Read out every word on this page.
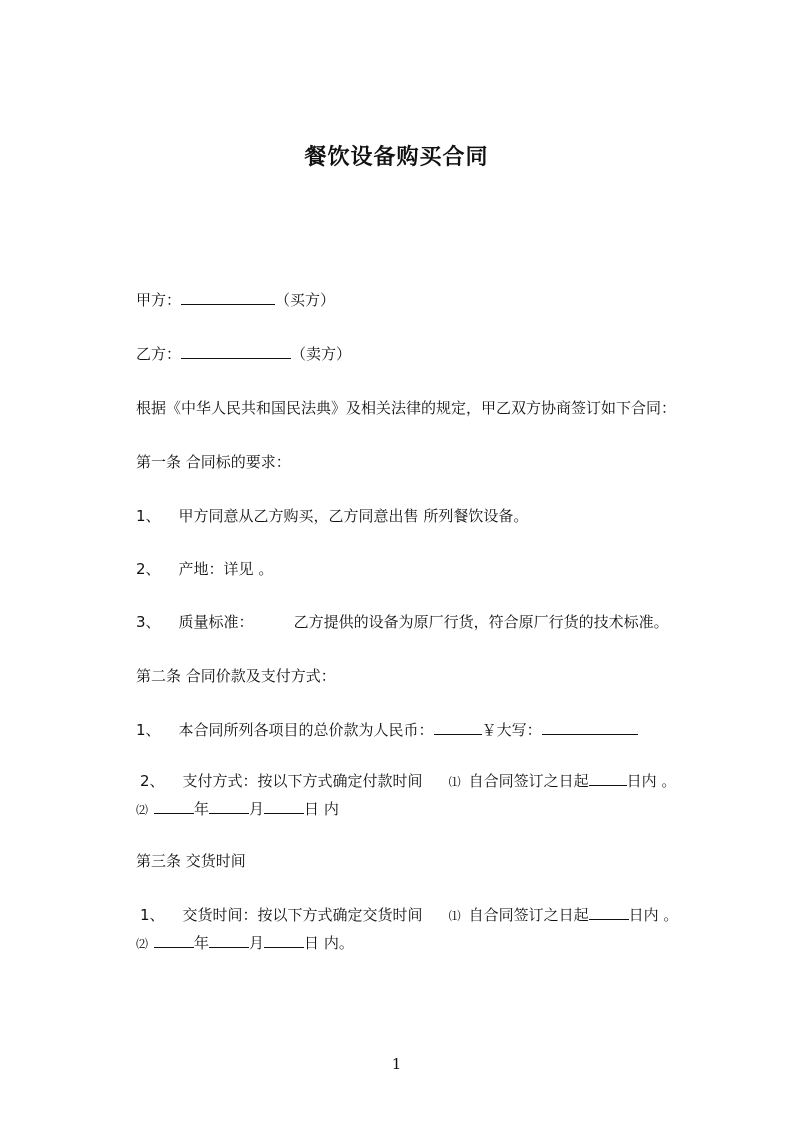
餐饮设备购买合同
甲方：	（买方）
乙方：	（卖方）
根据《中华人民共和国民法典》及相关法律的规定，甲乙双方协商签订如下合同：
第一条 合同标的要求：
1、 甲方同意从乙方购买，乙方同意出售 所列餐饮设备。
2、 产地：详见 。
3、 质量标准：	乙方提供的设备为原厂行货，符合原厂行货的技术标准。
第二条 合同价款及支付方式：
1、 本合同所列各项目的总价款为人民币：	￥大写：
2、 支付方式：按以下方式确定付款时间 ⑴ 自合同签订之日起	日内 。
⑵	年	月	日 内
第三条 交货时间
1、 交货时间：按以下方式确定交货时间 ⑴ 自合同签订之日起	日内 。
⑵	年	月	日 内。
1
